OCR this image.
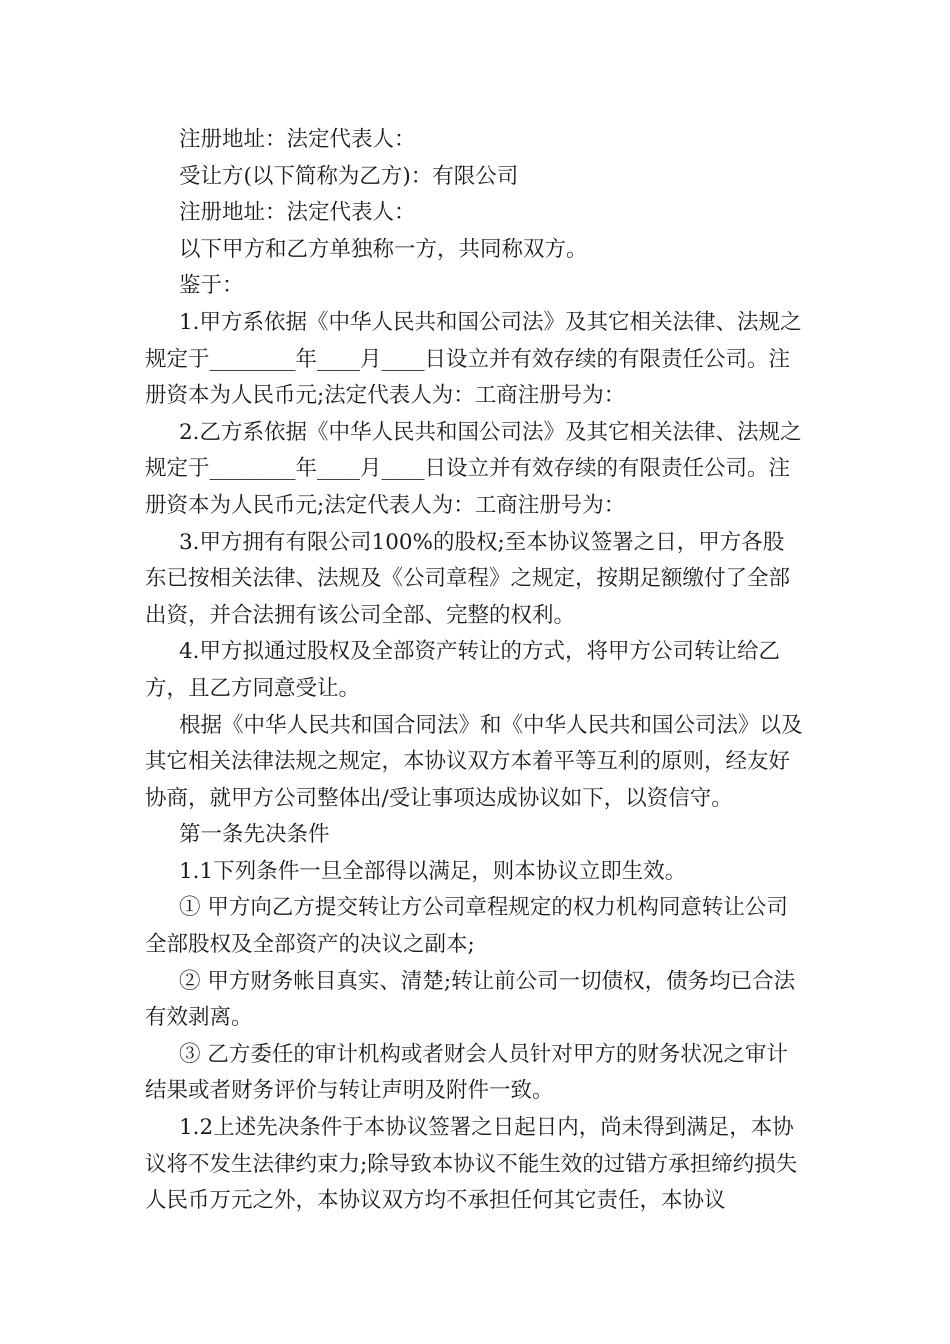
注册地址：法定代表人：

受让方(以下简称为乙方)：有限公司

注册地址：法定代表人：

以下甲方和乙方单独称一方，共同称双方。

鉴于：

1.甲方系依据《中华人民共和国公司法》及其它相关法律、法规之规定于________年____月____日设立并有效存续的有限责任公司。注册资本为人民币元;法定代表人为：工商注册号为：

2.乙方系依据《中华人民共和国公司法》及其它相关法律、法规之规定于________年____月____日设立并有效存续的有限责任公司。注册资本为人民币元;法定代表人为：工商注册号为：

3.甲方拥有有限公司100%的股权;至本协议签署之日，甲方各股东已按相关法律、法规及《公司章程》之规定，按期足额缴付了全部出资，并合法拥有该公司全部、完整的权利。

4.甲方拟通过股权及全部资产转让的方式，将甲方公司转让给乙方，且乙方同意受让。

根据《中华人民共和国合同法》和《中华人民共和国公司法》以及其它相关法律法规之规定，本协议双方本着平等互利的原则，经友好协商，就甲方公司整体出/受让事项达成协议如下，以资信守。

第一条先决条件

1.1下列条件一旦全部得以满足，则本协议立即生效。

① 甲方向乙方提交转让方公司章程规定的权力机构同意转让公司全部股权及全部资产的决议之副本;

② 甲方财务帐目真实、清楚;转让前公司一切债权，债务均已合法有效剥离。

③ 乙方委任的审计机构或者财会人员针对甲方的财务状况之审计结果或者财务评价与转让声明及附件一致。

1.2上述先决条件于本协议签署之日起日内，尚未得到满足，本协议将不发生法律约束力;除导致本协议不能生效的过错方承担缔约损失人民币万元之外，本协议双方均不承担任何其它责任，本协议
